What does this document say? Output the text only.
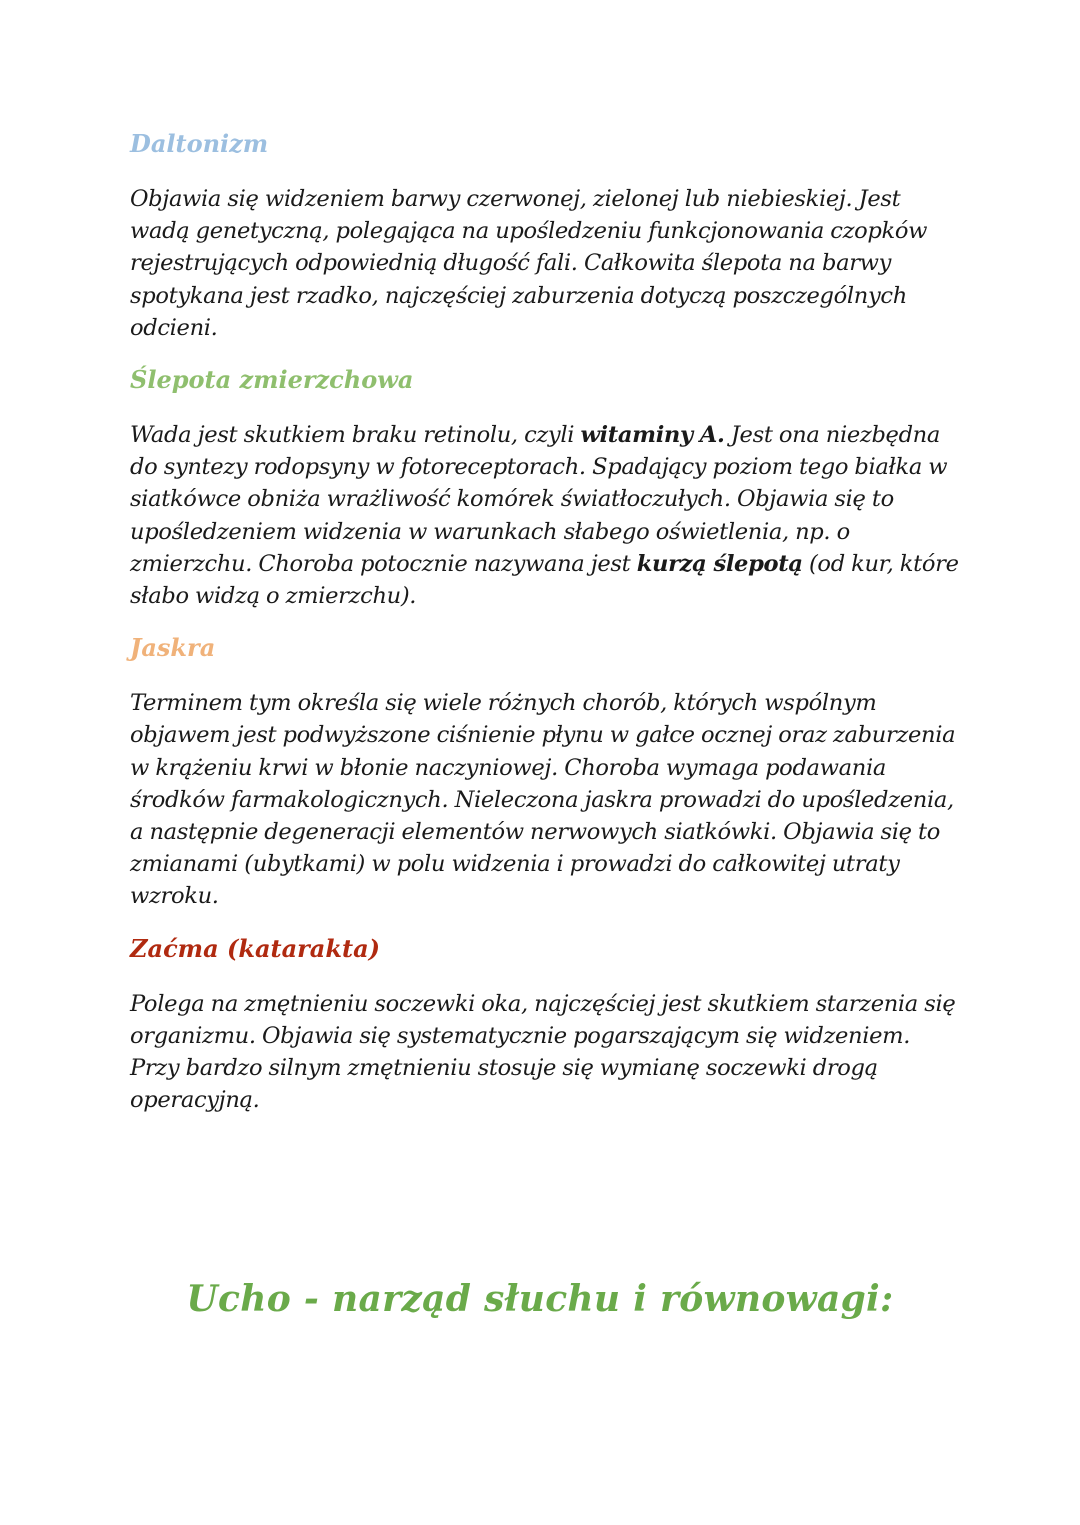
Daltonizm

Objawia się widzeniem barwy czerwonej, zielonej lub niebieskiej. Jest wadą genetyczną, polegająca na upośledzeniu funkcjonowania czopków rejestrujących odpowiednią długość fali. Całkowita ślepota na barwy spotykana jest rzadko, najczęściej zaburzenia dotyczą poszczególnych odcieni.

Ślepota zmierzchowa

Wada jest skutkiem braku retinolu, czyli witaminy A. Jest ona niezbędna do syntezy rodopsyny w fotoreceptorach. Spadający poziom tego białka w siatkówce obniża wrażliwość komórek światłoczułych. Objawia się to upośledzeniem widzenia w warunkach słabego oświetlenia, np. o zmierzchu. Choroba potocznie nazywana jest kurzą ślepotą (od kur, które słabo widzą o zmierzchu).

Jaskra

Terminem tym określa się wiele różnych chorób, których wspólnym objawem jest podwyższone ciśnienie płynu w gałce ocznej oraz zaburzenia w krążeniu krwi w błonie naczyniowej. Choroba wymaga podawania środków farmakologicznych. Nieleczona jaskra prowadzi do upośledzenia, a następnie degeneracji elementów nerwowych siatkówki. Objawia się to zmianami (ubytkami) w polu widzenia i prowadzi do całkowitej utraty wzroku.

Zaćma (katarakta)

Polega na zmętnieniu soczewki oka, najczęściej jest skutkiem starzenia się organizmu. Objawia się systematycznie pogarszającym się widzeniem. Przy bardzo silnym zmętnieniu stosuje się wymianę soczewki drogą operacyjną.

Ucho - narząd słuchu i równowagi:
